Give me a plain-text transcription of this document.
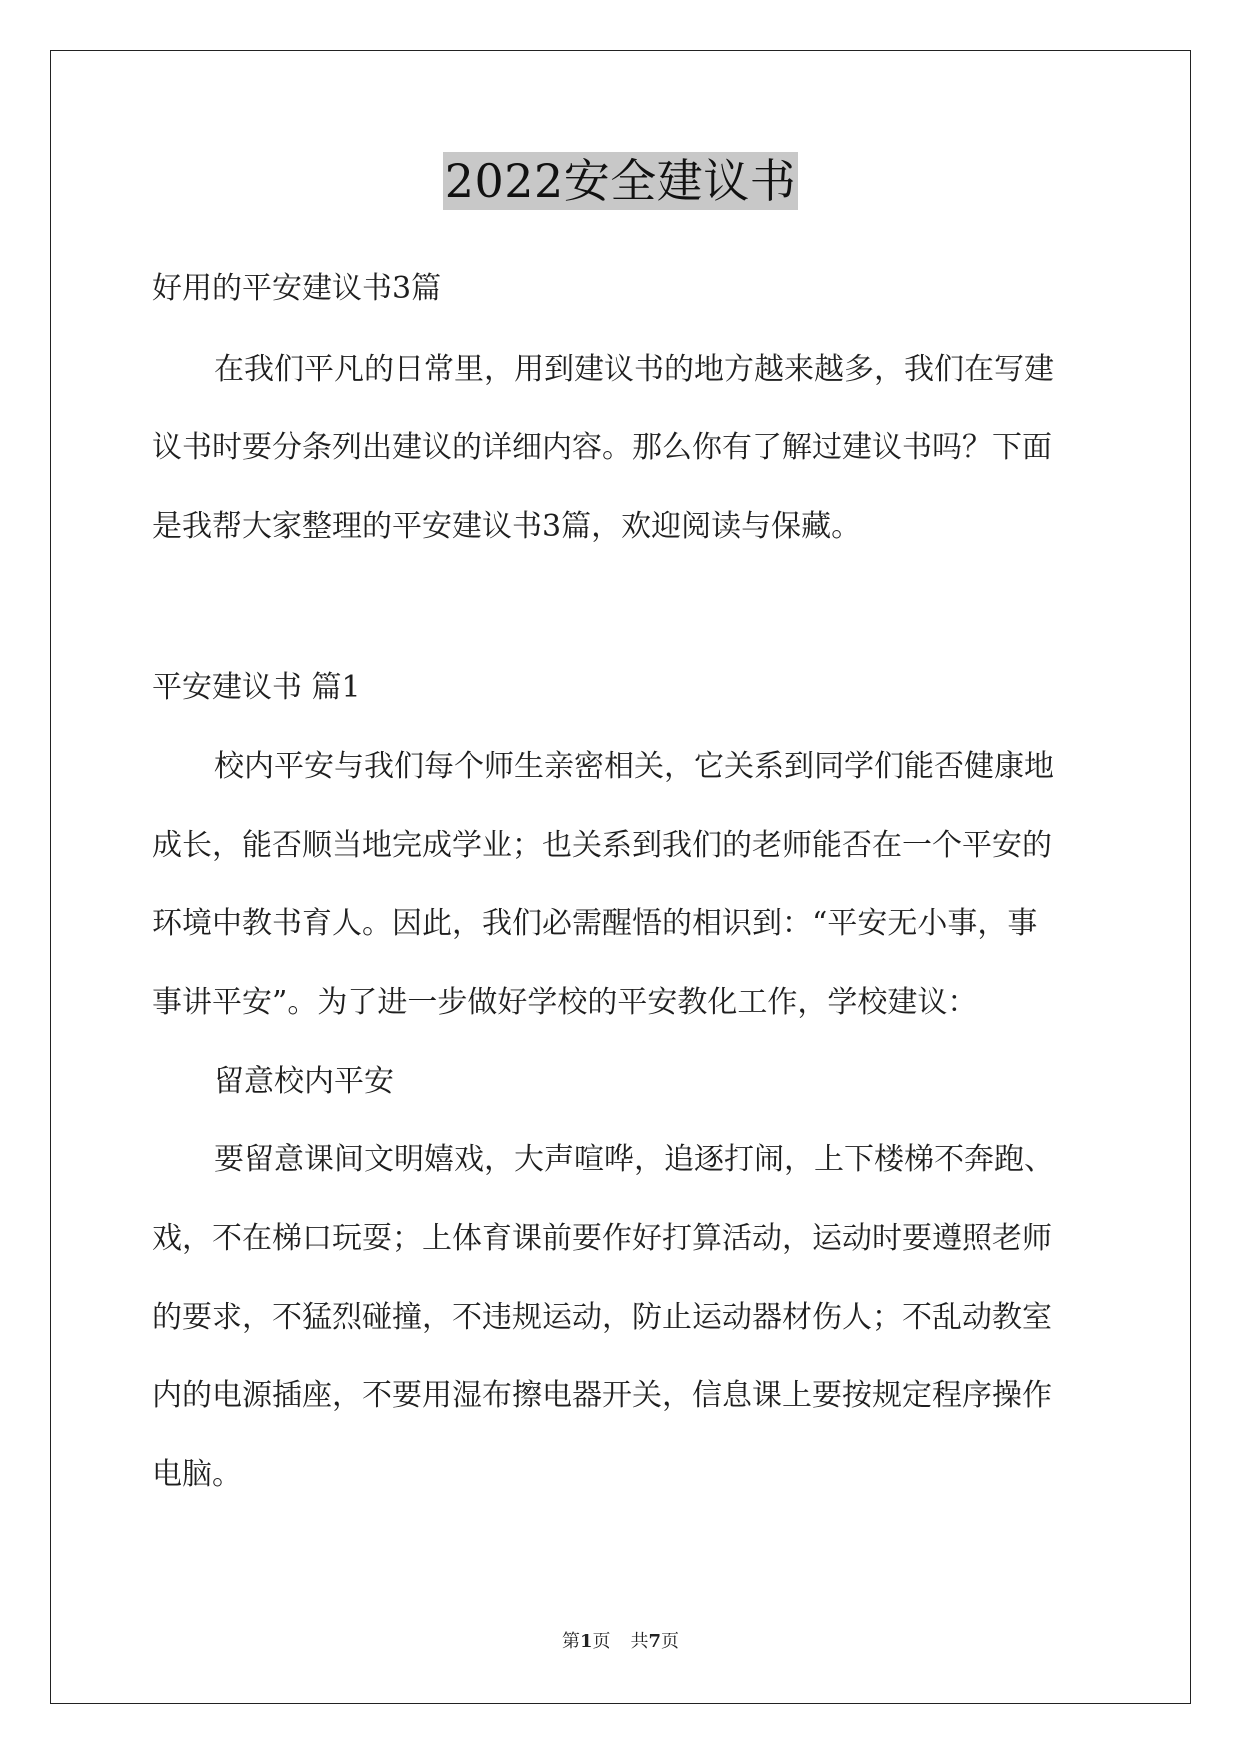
2022安全建议书
好用的平安建议书3篇
在我们平凡的日常里，用到建议书的地方越来越多，我们在写建
议书时要分条列出建议的详细内容。那么你有了解过建议书吗？下面
是我帮大家整理的平安建议书3篇，欢迎阅读与保藏。
平安建议书 篇1
校内平安与我们每个师生亲密相关，它关系到同学们能否健康地
成长，能否顺当地完成学业；也关系到我们的老师能否在一个平安的
环境中教书育人。因此，我们必需醒悟的相识到：“平安无小事，事
事讲平安”。为了进一步做好学校的平安教化工作，学校建议：
留意校内平安
要留意课间文明嬉戏，大声喧哗，追逐打闹，上下楼梯不奔跑、
戏，不在梯口玩耍；上体育课前要作好打算活动，运动时要遵照老师
的要求，不猛烈碰撞，不违规运动，防止运动器材伤人；不乱动教室
内的电源插座，不要用湿布擦电器开关，信息课上要按规定程序操作
电脑。
第1页 共7页
